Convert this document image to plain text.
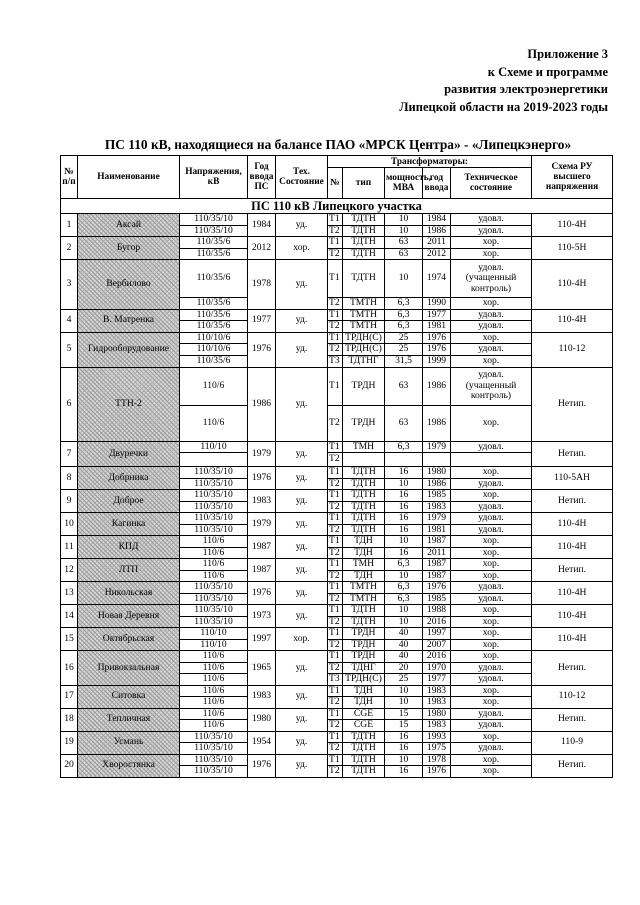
Приложение 3
к Схеме и программе
развития электроэнергетики
Липецкой области на 2019-2023 годы
ПС 110 кВ, находящиеся на балансе ПАО «МРСК Центра» - «Липецкэнерго»
№ п/п	Наименование	Напряжения, кВ	Год ввода ПС	Тех. Состояние	Трансформаторы:					Схема РУ высшего напряжения
					№	тип	мощность, МВА	год ввода	Техническое состояние	
ПС 110 кВ Липецкого участка										
1	Аксай	110/35/10	1984	уд.	Т1	ТДТН	10	1984	удовл.	110-4Н
		110/35/10			Т2	ТДТН	10	1986	удовл.	
2	Бугор	110/35/6	2012	хор.	Т1	ТДТН	63	2011	хор.	110-5Н
		110/35/6			Т2	ТДТН	63	2012	хор.	
3	Вербилово	110/35/6	1978	уд.	Т1	ТДТН	10	1974	удовл. (учащенный контроль)	110-4Н
		110/35/6			Т2	ТМТН	6,3	1990	хор.	
4	В. Матренка	110/35/6	1977	уд.	Т1	ТМТН	6,3	1977	удовл.	110-4Н
		110/35/6			Т2	ТМТН	6,3	1981	удовл.	
5	Гидрооборудование	110/10/6	1976	уд.	Т1	ТРДН(С)	25	1976	хор.	110-12
		110/10/6			Т2	ТРДН(С)	25	1976	удовл.	
		110/35/6			Т3	ТДТНГ	31,5	1999	хор.	
6	ТТН-2	110/6	1986	уд.	Т1	ТРДН	63	1986	удовл. (учащенный контроль)	Нетип.
		110/6			Т2	ТРДН	63	1986	хор.	
7	Двуречки	110/10	1979	уд.	Т1	ТМН	6,3	1979	удовл.	Нетип.
					Т2					
8	Добрника	110/35/10	1976	уд.	Т1	ТДТН	16	1980	хор.	110-5АН
		110/35/10			Т2	ТДТН	10	1986	удовл.	
9	Доброе	110/35/10	1983	уд.	Т1	ТДТН	16	1985	хор.	Нетип.
		110/35/10			Т2	ТДТН	16	1983	удовл.	
10	Кагинка	110/35/10	1979	уд.	Т1	ТДТН	16	1979	удовл.	110-4Н
		110/35/10			Т2	ТДТН	16	1981	удовл.	
11	КПД	110/6	1987	уд.	Т1	ТДН	10	1987	хор.	110-4Н
		110/6			Т2	ТДН	16	2011	хор.	
12	ЛТП	110/6	1987	уд.	Т1	ТМН	6,3	1987	хор.	Нетип.
		110/6			Т2	ТДН	10	1987	хор.	
13	Никольская	110/35/10	1976	уд.	Т1	ТМТН	6,3	1976	удовл.	110-4Н
		110/35/10			Т2	ТМТН	6,3	1985	удовл.	
14	Новая Деревня	110/35/10	1973	уд.	Т1	ТДТН	10	1988	хор.	110-4Н
		110/35/10			Т2	ТДТН	10	2016	хор.	
15	Октябрьская	110/10	1997	хор.	Т1	ТРДН	40	1997	хор.	110-4Н
		110/10			Т2	ТРДН	40	2007	хор.	
16	Привокзальная	110/6	1965	уд.	Т1	ТРДН	40	2016	хор.	Нетип.
		110/6			Т2	ТДНГ	20	1970	удовл.	
		110/6			Т3	ТРДН(С)	25	1977	удовл.	
17	Ситовка	110/6	1983	уд.	Т1	ТДН	10	1983	хор.	110-12
		110/6			Т2	ТДН	10	1983	хор.	
18	Тепличная	110/6	1980	уд.	Т1	CGE	15	1980	удовл.	Нетип.
		110/6			Т2	CGE	15	1983	удовл.	
19	Усмань	110/35/10	1954	уд.	Т1	ТДТН	16	1993	хор.	110-9
		110/35/10			Т2	ТДТН	16	1975	удовл.	
20	Хворостянка	110/35/10	1976	уд.	Т1	ТДТН	10	1978	хор.	Нетип.
		110/35/10			Т2	ТДТН	16	1976	хор.	
